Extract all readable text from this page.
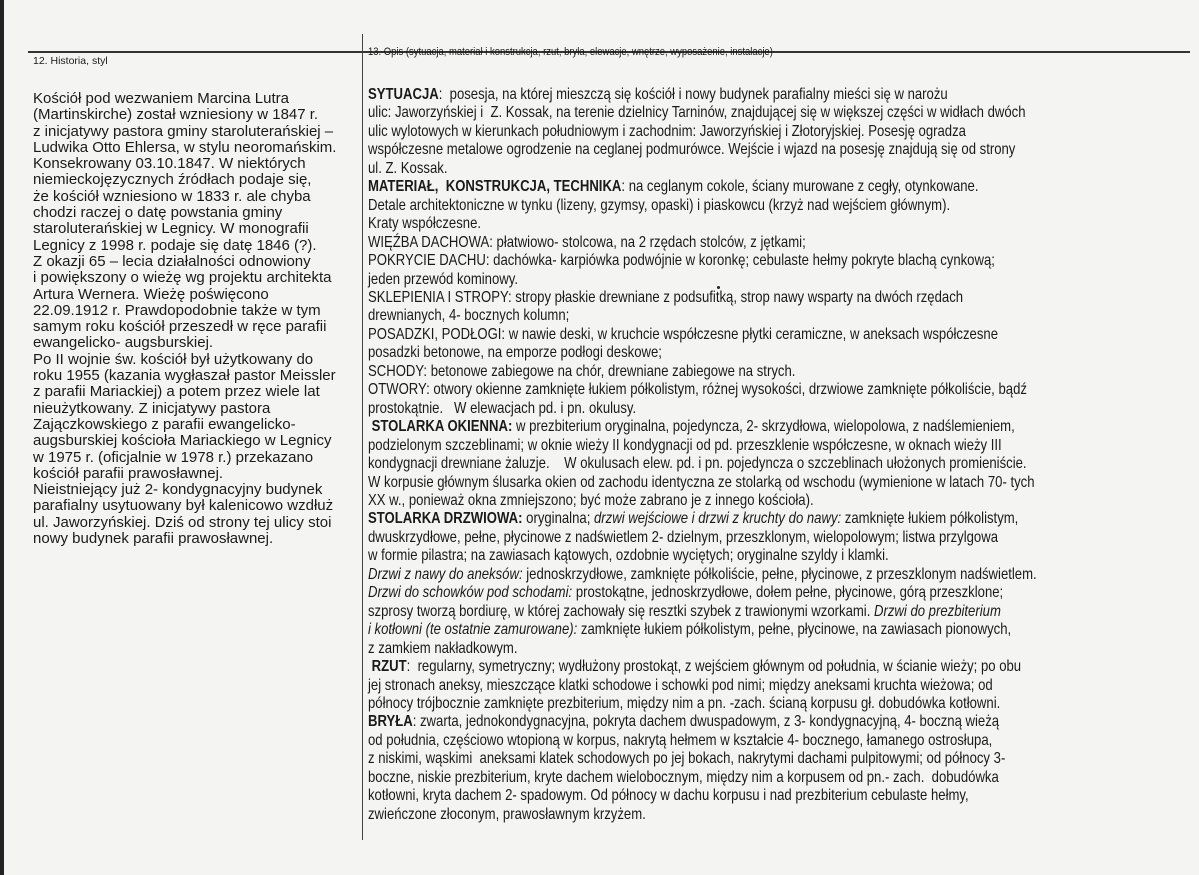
12. Historia, styl
Kościół pod wezwaniem Marcina Lutra
(Martinskirche) został wzniesiony w 1847 r.
z inicjatywy pastora gminy staroluterańskiej –
Ludwika Otto Ehlersa, w stylu neoromańskim.
Konsekrowany 03.10.1847. W niektórych
niemieckojęzycznych źródłach podaje się,
że kościół wzniesiono w 1833 r. ale chyba
chodzi raczej o datę powstania gminy
staroluterańskiej w Legnicy. W monografii
Legnicy z 1998 r. podaje się datę 1846 (?).
Z okazji 65 – lecia działalności odnowiony
i powiększony o wieżę wg projektu architekta
Artura Wernera. Wieżę poświęcono
22.09.1912 r. Prawdopodobnie także w tym
samym roku kościół przeszedł w ręce parafii
ewangelicko- augsburskiej.
Po II wojnie św. kościół był użytkowany do
roku 1955 (kazania wygłaszał pastor Meissler
z parafii Mariackiej) a potem przez wiele lat
nieużytkowany. Z inicjatywy pastora
Zajączkowskiego z parafii ewangelicko-
augsburskiej kościoła Mariackiego w Legnicy
w 1975 r. (oficjalnie w 1978 r.) przekazano
kościół parafii prawosławnej.
Nieistniejący już 2- kondygnacyjny budynek
parafialny usytuowany był kalenicowo wzdłuż
ul. Jaworzyńskiej. Dziś od strony tej ulicy stoi
nowy budynek parafii prawosławnej.
13. Opis (sytuacja, materiał i konstrukcja, rzut, bryła, elewacje, wnętrze, wyposażenie, instalacje)
SYTUACJA:  posesja, na której mieszczą się kościół i nowy budynek parafialny mieści się w narożu
ulic: Jaworzyńskiej i  Z. Kossak, na terenie dzielnicy Tarninów, znajdującej się w większej części w widłach dwóch
ulic wylotowych w kierunkach południowym i zachodnim: Jaworzyńskiej i Złotoryjskiej. Posesję ogradza
współczesne metalowe ogrodzenie na ceglanej podmurówce. Wejście i wjazd na posesję znajdują się od strony
ul. Z. Kossak.
MATERIAŁ,  KONSTRUKCJA, TECHNIKA: na ceglanym cokole, ściany murowane z cegły, otynkowane.
Detale architektoniczne w tynku (lizeny, gzymsy, opaski) i piaskowcu (krzyż nad wejściem głównym).
Kraty współczesne.
WIĘŹBA DACHOWA: płatwiowo- stolcowa, na 2 rzędach stolców, z jętkami;
POKRYCIE DACHU: dachówka- karpiówka podwójnie w koronkę; cebulaste hełmy pokryte blachą cynkową;
jeden przewód kominowy.
SKLEPIENIA I STROPY: stropy płaskie drewniane z podsufitką, strop nawy wsparty na dwóch rzędach
drewnianych, 4- bocznych kolumn;
POSADZKI, PODŁOGI: w nawie deski, w kruchcie współczesne płytki ceramiczne, w aneksach współczesne
posadzki betonowe, na emporze podłogi deskowe;
SCHODY: betonowe zabiegowe na chór, drewniane zabiegowe na strych.
OTWORY: otwory okienne zamknięte łukiem półkolistym, różnej wysokości, drzwiowe zamknięte półkoliście, bądź
prostokątnie.   W elewacjach pd. i pn. okulusy.
STOLARKA OKIENNA: w prezbiterium oryginalna, pojedyncza, 2- skrzydłowa, wielopolowa, z nadślemieniem,
podzielonym szczeblinami; w oknie wieży II kondygnacji od pd. przeszklenie współczesne, w oknach wieży III
kondygnacji drewniane żaluzje.    W okulusach elew. pd. i pn. pojedyncza o szczeblinach ułożonych promieniście.
W korpusie głównym ślusarka okien od zachodu identyczna ze stolarką od wschodu (wymienione w latach 70- tych
XX w., ponieważ okna zmniejszono; być może zabrano je z innego kościoła).
STOLARKA DRZWIOWA: oryginalna; drzwi wejściowe i drzwi z kruchty do nawy: zamknięte łukiem półkolistym,
dwuskrzydłowe, pełne, płycinowe z nadświetlem 2- dzielnym, przeszklonym, wielopolowym; listwa przylgowa
w formie pilastra; na zawiasach kątowych, ozdobnie wyciętych; oryginalne szyldy i klamki.
Drzwi z nawy do aneksów: jednoskrzydłowe, zamknięte półkoliście, pełne, płycinowe, z przeszklonym nadświetlem.
Drzwi do schowków pod schodami: prostokątne, jednoskrzydłowe, dołem pełne, płycinowe, górą przeszklone;
szprosy tworzą bordiurę, w której zachowały się resztki szybek z trawionymi wzorkami. Drzwi do prezbiterium
i kotłowni (te ostatnie zamurowane): zamknięte łukiem półkolistym, pełne, płycinowe, na zawiasach pionowych,
z zamkiem nakładkowym.
RZUT:  regularny, symetryczny; wydłużony prostokąt, z wejściem głównym od południa, w ścianie wieży; po obu
jej stronach aneksy, mieszczące klatki schodowe i schowki pod nimi; między aneksami kruchta wieżowa; od
północy trójbocznie zamknięte prezbiterium, między nim a pn. -zach. ścianą korpusu gł. dobudówka kotłowni.
BRYŁA: zwarta, jednokondygnacyjna, pokryta dachem dwuspadowym, z 3- kondygnacyjną, 4- boczną wieżą
od południa, częściowo wtopioną w korpus, nakrytą hełmem w kształcie 4- bocznego, łamanego ostrosłupa,
z niskimi, wąskimi  aneksami klatek schodowych po jej bokach, nakrytymi dachami pulpitowymi; od północy 3-
boczne, niskie prezbiterium, kryte dachem wielobocznym, między nim a korpusem od pn.- zach.  dobudówka
kotłowni, kryta dachem 2- spadowym. Od północy w dachu korpusu i nad prezbiterium cebulaste hełmy,
zwieńczone złoconym, prawosławnym krzyżem.
